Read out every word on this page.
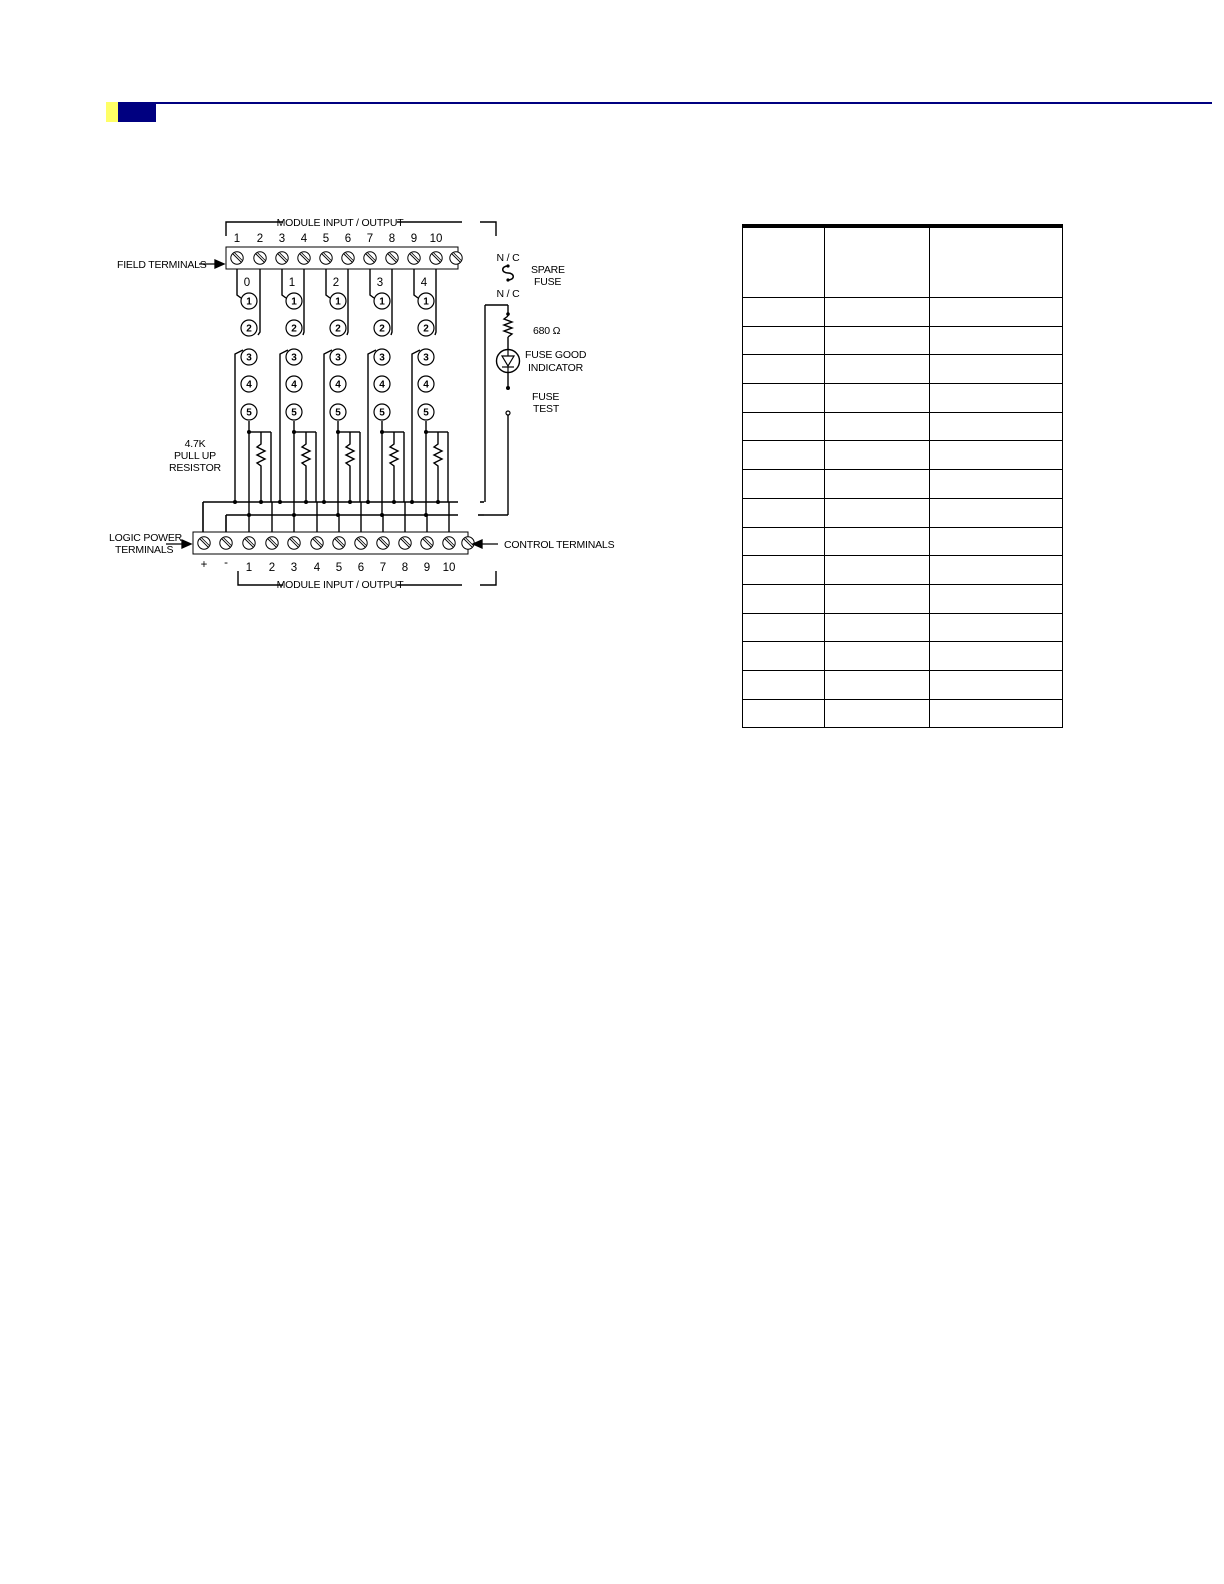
MODULE INPUT / OUTPUT
1 2 3 4 5 6 7 8 9 10
FIELD TERMINALS
0
1
2
3
4
5
1
1
2
3
4
5
2
1
2
3
4
5
3
1
2
3
4
5
4
1
2
3
4
5
4.7K
PULL UP
RESISTOR
LOGIC POWER
TERMINALS	CONTROL TERMINALS
+ - 1 2 3 4 5 6 7 8 9 10
MODULE INPUT / OUTPUT
N / C
N / C
SPARE
FUSE
680 Ω
FUSE GOOD
INDICATOR
FUSE
TEST
